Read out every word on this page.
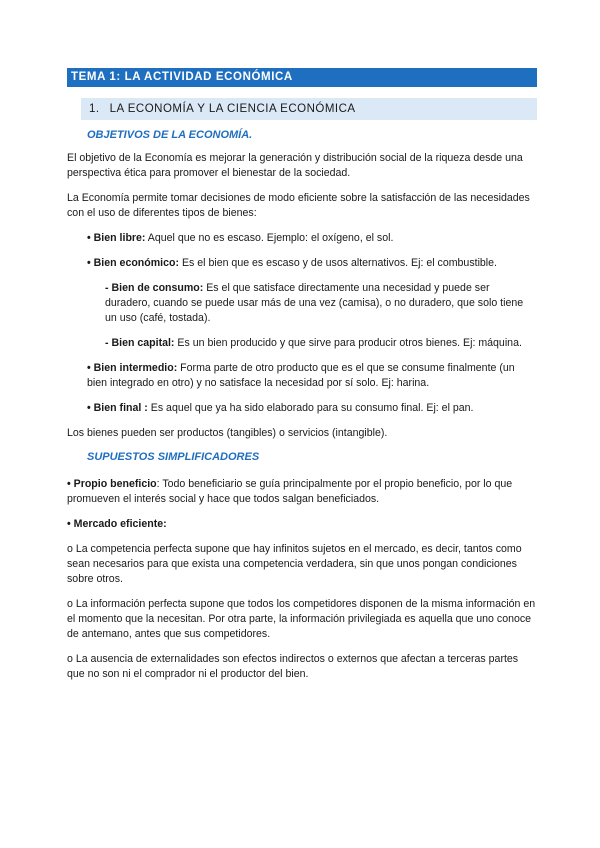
TEMA 1: LA ACTIVIDAD ECONÓMICA
1. LA ECONOMÍA Y LA CIENCIA ECONÓMICA
OBJETIVOS DE LA ECONOMÍA.

El objetivo de la Economía es mejorar la generación y distribución social de la riqueza desde una perspectiva ética para promover el bienestar de la sociedad.

La Economía permite tomar decisiones de modo eficiente sobre la satisfacción de las necesidades con el uso de diferentes tipos de bienes:

• Bien libre: Aquel que no es escaso. Ejemplo: el oxígeno, el sol.

• Bien económico: Es el bien que es escaso y de usos alternativos. Ej: el combustible.

- Bien de consumo: Es el que satisface directamente una necesidad y puede ser duradero, cuando se puede usar más de una vez (camisa), o no duradero, que solo tiene un uso (café, tostada).

- Bien capital: Es un bien producido y que sirve para producir otros bienes. Ej: máquina.

• Bien intermedio: Forma parte de otro producto que es el que se consume finalmente (un bien integrado en otro) y no satisface la necesidad por sí solo. Ej: harina.

• Bien final : Es aquel que ya ha sido elaborado para su consumo final. Ej: el pan.

Los bienes pueden ser productos (tangibles) o servicios (intangible).

SUPUESTOS SIMPLIFICADORES

• Propio beneficio: Todo beneficiario se guía principalmente por el propio beneficio, por lo que promueven el interés social y hace que todos salgan beneficiados.

• Mercado eficiente:

o La competencia perfecta supone que hay infinitos sujetos en el mercado, es decir, tantos como sean necesarios para que exista una competencia verdadera, sin que unos pongan condiciones sobre otros.

o La información perfecta supone que todos los competidores disponen de la misma información en el momento que la necesitan. Por otra parte, la información privilegiada es aquella que uno conoce de antemano, antes que sus competidores.

o La ausencia de externalidades son efectos indirectos o externos que afectan a terceras partes que no son ni el comprador ni el productor del bien.
